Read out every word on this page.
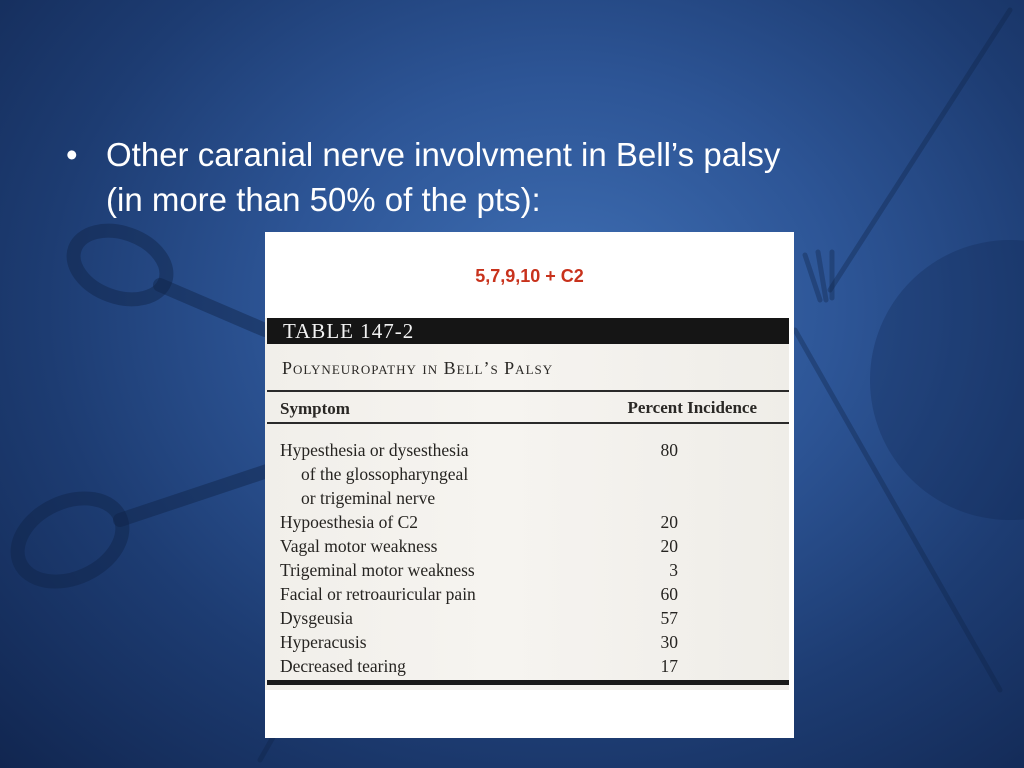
• Other caranial nerve involvment in Bell’s palsy
(in more than 50% of the pts):
5,7,9,10 + C2
TABLE 147-2
Polyneuropathy in Bell’s Palsy
Symptom	Percent Incidence
Hypesthesia or dysesthesia	80
of the glossopharyngeal
or trigeminal nerve
Hypoesthesia of C2	20
Vagal motor weakness	20
Trigeminal motor weakness	3
Facial or retroauricular pain	60
Dysgeusia	57
Hyperacusis	30
Decreased tearing	17
